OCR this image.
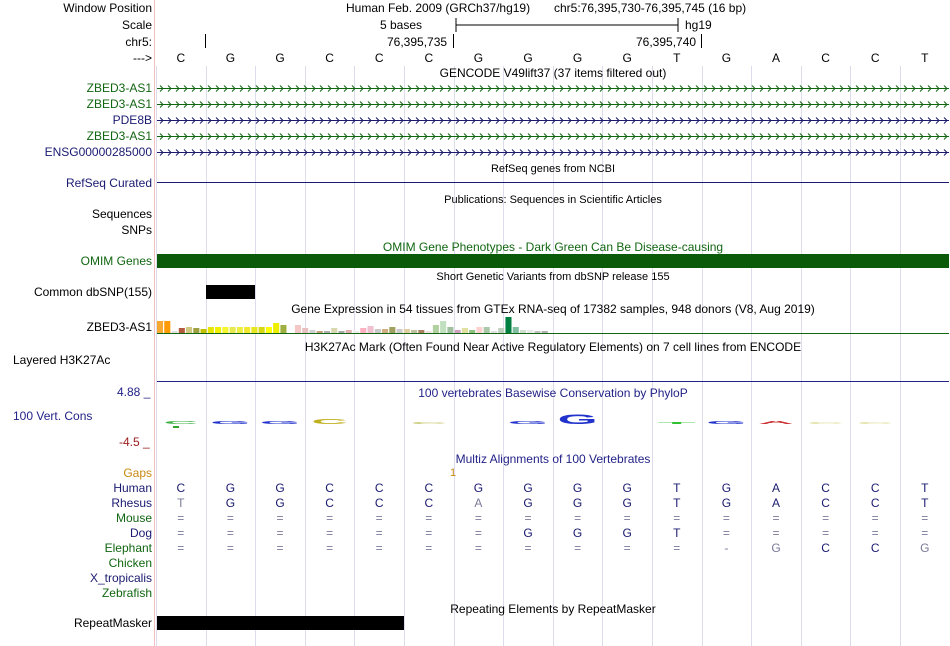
Window Position
Scale
chr5:
--->
Human Feb. 2009 (GRCh37/hg19) chr5:76,395,730-76,395,745 (16 bp)
5 bases	hg19
76,395,735	76,395,740
C	G	G	C	C	C	G	G	G	G	T	G	A	C	C	T
GENCODE V49lift37 (37 items filtered out)
ZBED3-AS1
ZBED3-AS1
PDE8B
ZBED3-AS1
ENSG00000285000
RefSeq genes from NCBI
RefSeq Curated
Publications: Sequences in Scientific Articles
Sequences
SNPs
OMIM Gene Phenotypes - Dark Green Can Be Disease-causing
OMIM Genes
Short Genetic Variants from dbSNP release 155
Common dbSNP(155)
Gene Expression in 54 tissues from GTEx RNA-seq of 17382 samples, 948 donors (V8, Aug 2019)
ZBED3-AS1
H3K27Ac Mark (Often Found Near Active Regulatory Elements) on 7 cell lines from ENCODE
Layered H3K27Ac
100 vertebrates Basewise Conservation by PhyloP
4.88 _
100 Vert. Cons
-4.5 _
C G G C	C	G G	T G A C C
Multiz Alignments of 100 Vertebrates
Gaps	1
Human	C	G	G	C	C	C	G	G	G	G	T	G	A	C	C	T
Rhesus	T	G	G	C	C	C	A	G	G	G	T	G	A	C	C	T
Mouse	=	=	=	=	=	=	=	=	=	=	=	=	=	=	=	=
Dog	=	=	=	=	=	=	=	G	G	G	T	=	=	=	=	=
Elephant	=	=	=	=	=	=	=	=	=	=	=	-	G	C	C	G
Chicken
X_tropicalis
Zebrafish
Repeating Elements by RepeatMasker
RepeatMasker
